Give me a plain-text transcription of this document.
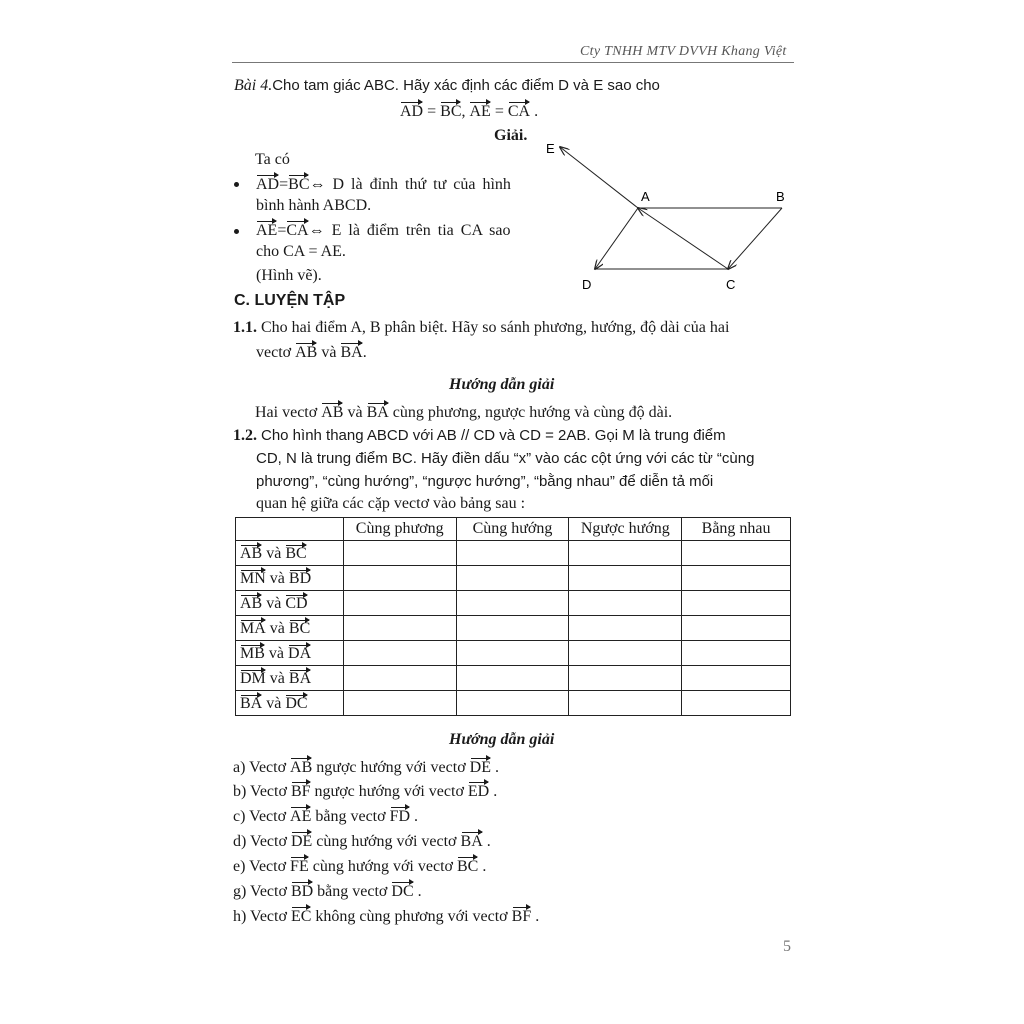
Cty TNHH MTV DVVH Khang Việt
Bài 4.Cho tam giác ABC. Hãy xác định các điểm D và E sao cho
AD = BC, AE = CA .
Giải.
Ta có
AD=BC⇔ D là đỉnh thứ tư của hình
bình hành ABCD.
AE=CA⇔ E là điểm trên tia CA sao
cho CA = AE.
(Hình vẽ).
E
A	B
D	C
C. LUYỆN TẬP
1.1. Cho hai điểm A, B phân biệt. Hãy so sánh phương, hướng, độ dài của hai
vectơ AB và BA.
Hướng dẫn giải
Hai vectơ AB và BA cùng phương, ngược hướng và cùng độ dài.
1.2. Cho hình thang ABCD với AB // CD và CD = 2AB. Gọi M là trung điểm
CD, N là trung điểm BC. Hãy điền dấu “x” vào các cột ứng với các từ “cùng
phương”, “cùng hướng”, “ngược hướng”, “bằng nhau” để diễn tả mối
quan hệ giữa các cặp vectơ vào bảng sau :
	Cùng phương	Cùng hướng	Ngược hướng	Bằng nhau
AB và BC				
MN và BD				
AB và CD				
MA và BC				
MB và DA				
DM và BA				
BA và DC				
Hướng dẫn giải
a) Vectơ AB ngược hướng với vectơ DE .
b) Vectơ BF ngược hướng với vectơ ED .
c) Vectơ AE bằng vectơ FD .
d) Vectơ DE cùng hướng với vectơ BA .
e) Vectơ FE cùng hướng với vectơ BC .
g) Vectơ BD bằng vectơ DC .
h) Vectơ EC không cùng phương với vectơ BF .
5
